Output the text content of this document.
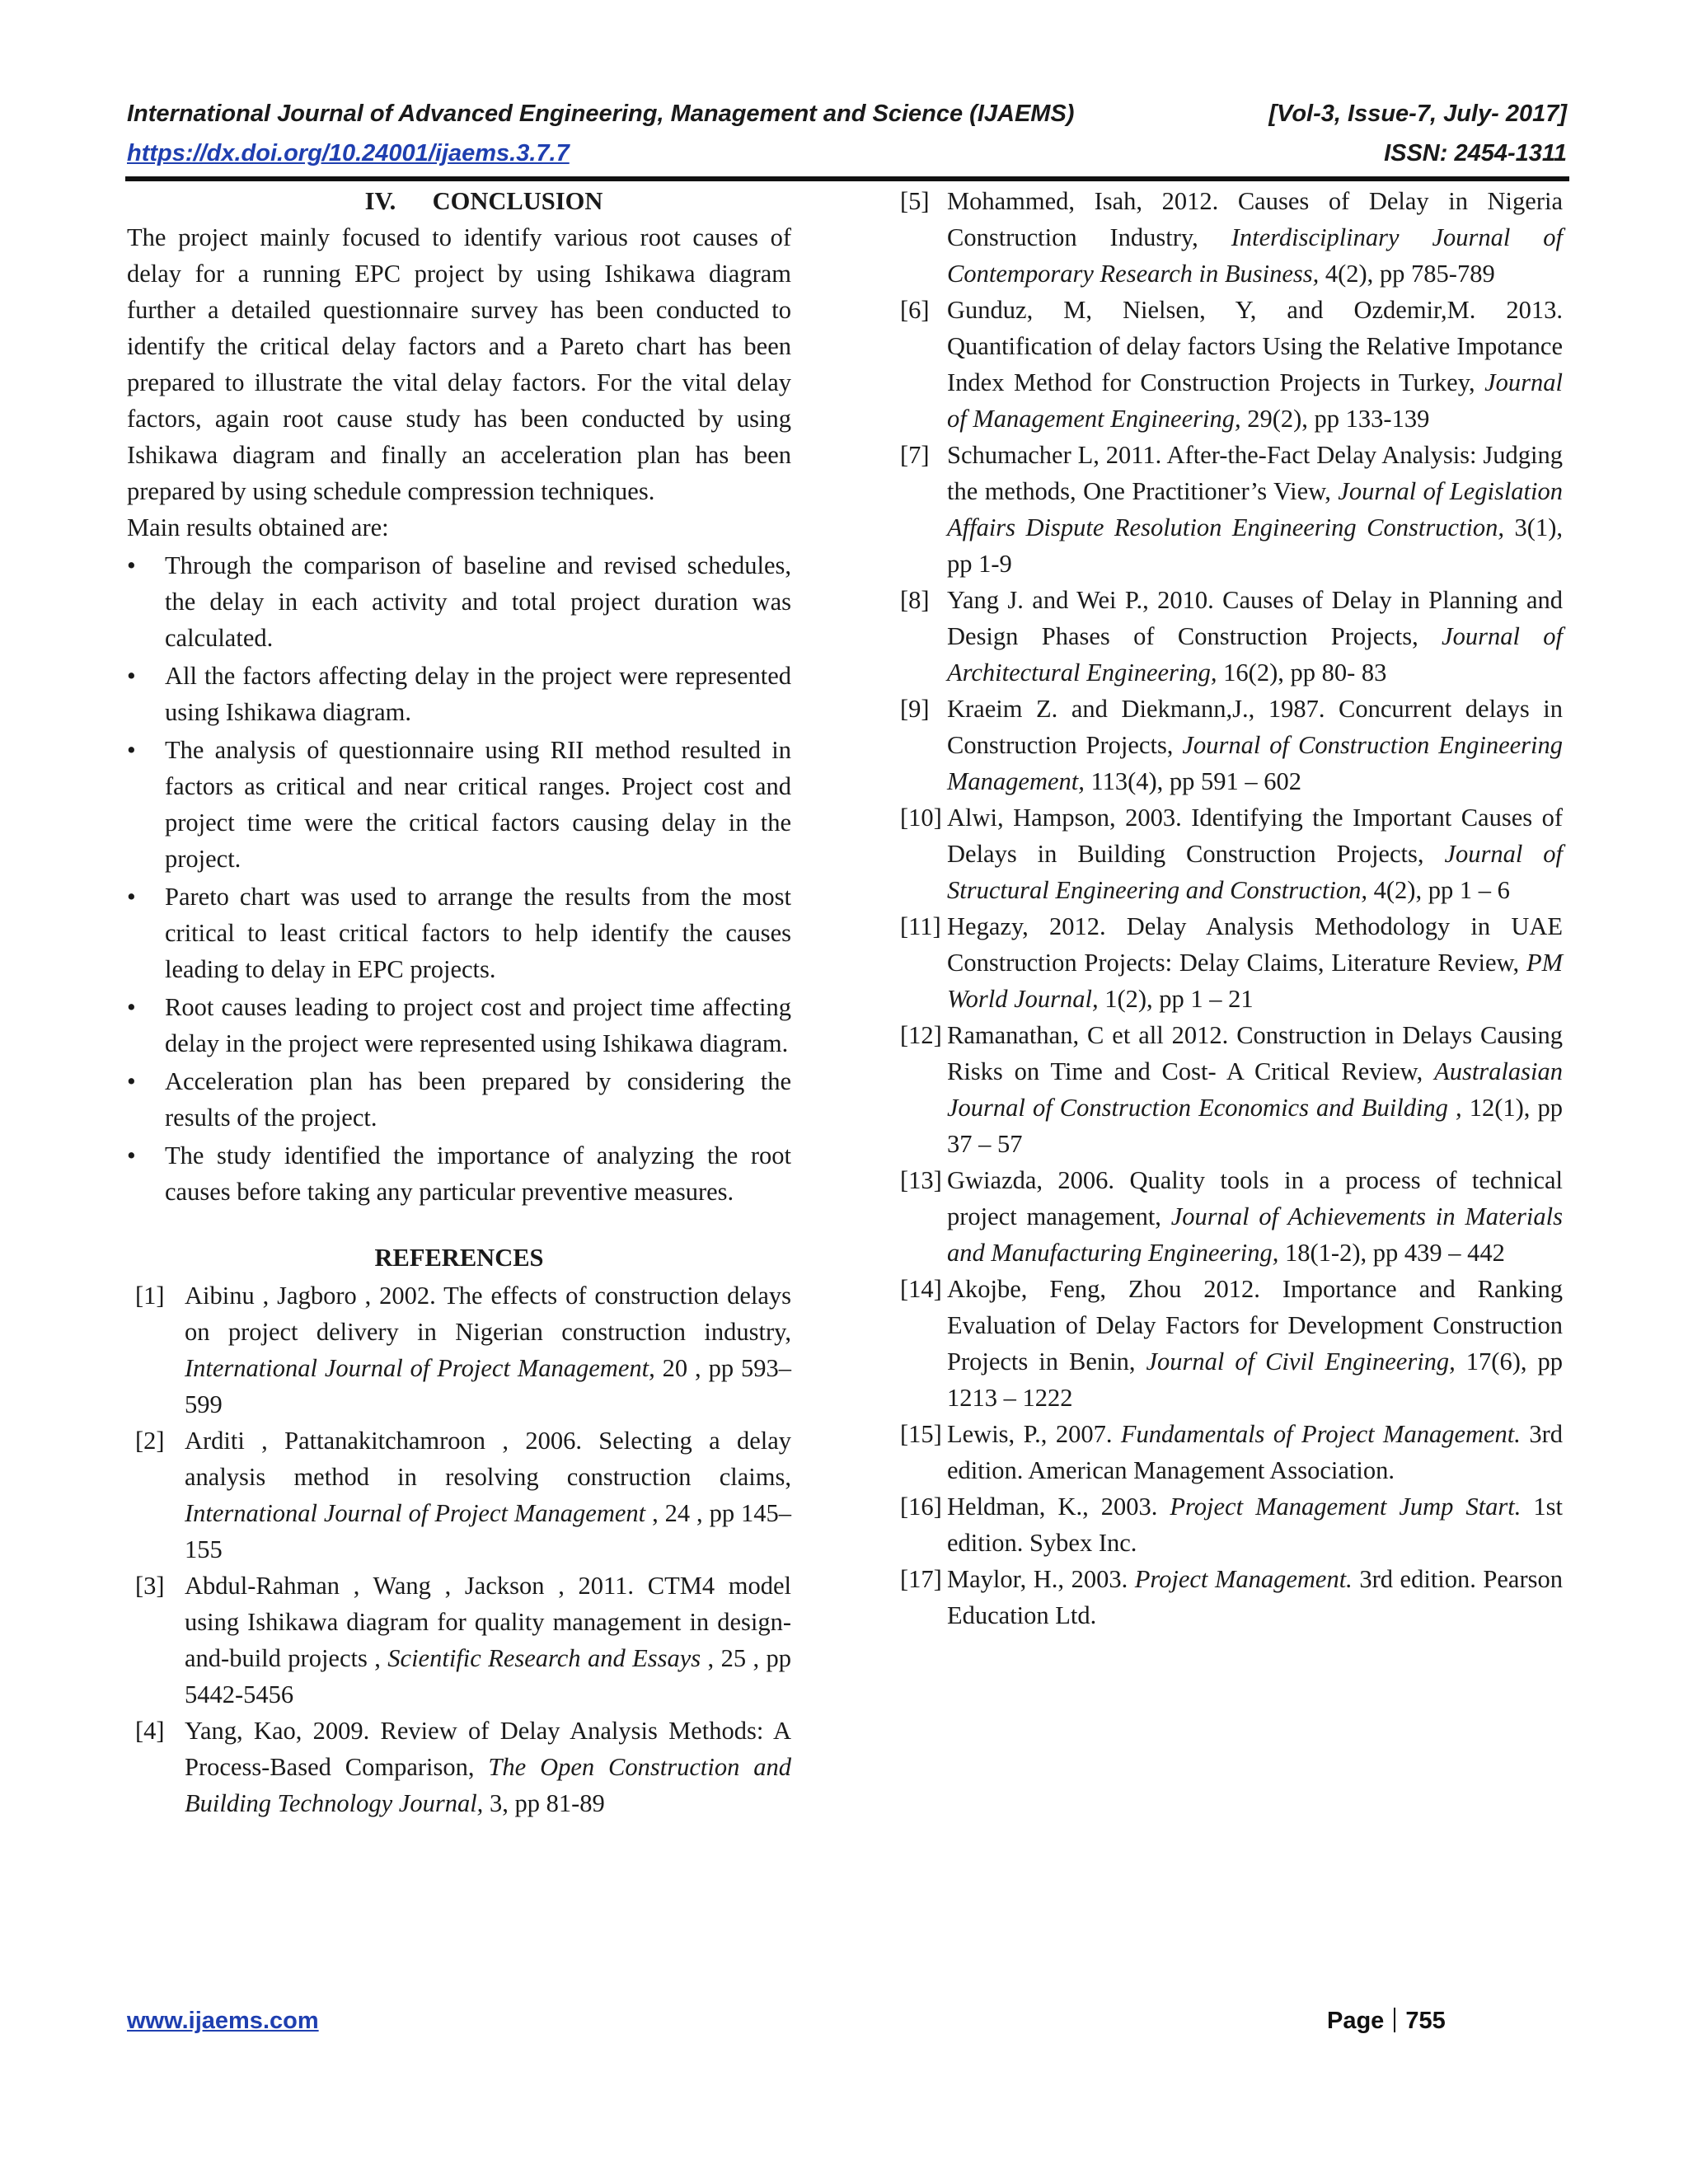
International Journal of Advanced Engineering, Management and Science (IJAEMS)	[Vol-3, Issue-7, July- 2017]
https://dx.doi.org/10.24001/ijaems.3.7.7	ISSN: 2454-1311
IV. CONCLUSION

The project mainly focused to identify various root causes of delay for a running EPC project by using Ishikawa diagram further a detailed questionnaire survey has been conducted to identify the critical delay factors and a Pareto chart has been prepared to illustrate the vital delay factors. For the vital delay factors, again root cause study has been conducted by using Ishikawa diagram and finally an acceleration plan has been prepared by using schedule compression techniques.

Main results obtained are:

• Through the comparison of baseline and revised schedules, the delay in each activity and total project duration was calculated.
• All the factors affecting delay in the project were represented using Ishikawa diagram.
• The analysis of questionnaire using RII method resulted in factors as critical and near critical ranges. Project cost and project time were the critical factors causing delay in the project.
• Pareto chart was used to arrange the results from the most critical to least critical factors to help identify the causes leading to delay in EPC projects.
• Root causes leading to project cost and project time affecting delay in the project were represented using Ishikawa diagram.
• Acceleration plan has been prepared by considering the results of the project.
• The study identified the importance of analyzing the root causes before taking any particular preventive measures.
REFERENCES
[1] Aibinu , Jagboro , 2002. The effects of construction delays on project delivery in Nigerian construction industry, International Journal of Project Management, 20 , pp 593–599
[2] Arditi , Pattanakitchamroon , 2006. Selecting a delay analysis method in resolving construction claims, International Journal of Project Management , 24 , pp 145–155
[3] Abdul-Rahman , Wang , Jackson , 2011. CTM4 model using Ishikawa diagram for quality management in design-and-build projects , Scientific Research and Essays , 25 , pp 5442-5456
[4] Yang, Kao, 2009. Review of Delay Analysis Methods: A Process-Based Comparison, The Open Construction and Building Technology Journal, 3, pp 81-89
[5] Mohammed, Isah, 2012. Causes of Delay in Nigeria Construction Industry, Interdisciplinary Journal of Contemporary Research in Business, 4(2), pp 785-789
[6] Gunduz, M, Nielsen, Y, and Ozdemir,M. 2013. Quantification of delay factors Using the Relative Impotance Index Method for Construction Projects in Turkey, Journal of Management Engineering, 29(2), pp 133-139
[7] Schumacher L, 2011. After-the-Fact Delay Analysis: Judging the methods, One Practitioner’s View, Journal of Legislation Affairs Dispute Resolution Engineering Construction, 3(1), pp 1-9
[8] Yang J. and Wei P., 2010. Causes of Delay in Planning and Design Phases of Construction Projects, Journal of Architectural Engineering, 16(2), pp 80- 83
[9] Kraeim Z. and Diekmann,J., 1987. Concurrent delays in Construction Projects, Journal of Construction Engineering Management, 113(4), pp 591 – 602
[10] Alwi, Hampson, 2003. Identifying the Important Causes of Delays in Building Construction Projects, Journal of Structural Engineering and Construction, 4(2), pp 1 – 6
[11] Hegazy, 2012. Delay Analysis Methodology in UAE Construction Projects: Delay Claims, Literature Review, PM World Journal, 1(2), pp 1 – 21
[12] Ramanathan, C et all 2012. Construction in Delays Causing Risks on Time and Cost- A Critical Review, Australasian Journal of Construction Economics and Building , 12(1), pp 37 – 57
[13] Gwiazda, 2006. Quality tools in a process of technical project management, Journal of Achievements in Materials and Manufacturing Engineering, 18(1-2), pp 439 – 442
[14] Akojbe, Feng, Zhou 2012. Importance and Ranking Evaluation of Delay Factors for Development Construction Projects in Benin, Journal of Civil Engineering, 17(6), pp 1213 – 1222
[15] Lewis, P., 2007. Fundamentals of Project Management. 3rd edition. American Management Association.
[16] Heldman, K., 2003. Project Management Jump Start. 1st edition. Sybex Inc.
[17] Maylor, H., 2003. Project Management. 3rd edition. Pearson Education Ltd.
www.ijaems.com	Page 755
